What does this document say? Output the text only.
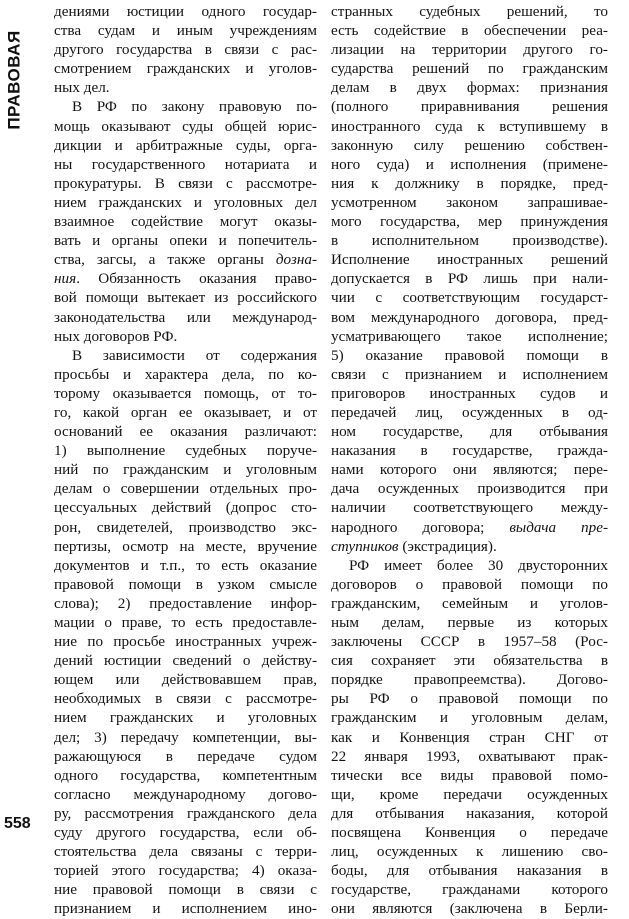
ПРАВОВАЯ
дениями юстиции одного государ-
ства судам и иным учреждениям
другого государства в связи с рас-
смотрением гражданских и уголов-
ных дел.
В РФ по закону правовую по-
мощь оказывают суды общей юрис-
дикции и арбитражные суды, орга-
ны государственного нотариата и
прокуратуры. В связи с рассмотре-
нием гражданских и уголовных дел
взаимное содействие могут оказы-
вать и органы опеки и попечитель-
ства, загсы, а также органы дозна-
ния. Обязанность оказания право-
вой помощи вытекает из российского
законодательства или международ-
ных договоров РФ.
В зависимости от содержания
просьбы и характера дела, по ко-
торому оказывается помощь, от то-
го, какой орган ее оказывает, и от
оснований ее оказания различают:
1) выполнение судебных поруче-
ний по гражданским и уголовным
делам о совершении отдельных про-
цессуальных действий (допрос сто-
рон, свидетелей, производство экс-
пертизы, осмотр на месте, вручение
документов и т.п., то есть оказание
правовой помощи в узком смысле
слова); 2) предоставление инфор-
мации о праве, то есть предоставле-
ние по просьбе иностранных учреж-
дений юстиции сведений о действу-
ющем или действовавшем прав,
необходимых в связи с рассмотре-
нием гражданских и уголовных
дел; 3) передачу компетенции, вы-
ражающуюся в передачe судом
одного государства, компетентным
согласно международному догово-
ру, рассмотрения гражданского дела
суду другого государства, если об-
стоятельства дела связаны с терри-
торией этого государства; 4) оказа-
ние правовой помощи в связи с
признанием и исполнением ино-
странных судебных решений, то
есть содействие в обеспечении реа-
лизации на территории другого го-
сударства решений по гражданским
делам в двух формах: признания
(полного приравнивания решения
иностранного суда к вступившему в
законную силу решению собствен-
ного суда) и исполнения (примене-
ния к должнику в порядке, пред-
усмотренном законом запрашивае-
мого государства, мер принуждения
в исполнительном производстве).
Исполнение иностранных решений
допускается в РФ лишь при нали-
чии с соответствующим государст-
вом международного договора, пред-
усматривающего такое исполнение;
5) оказание правовой помощи в
связи с признанием и исполнением
приговоров иностранных судов и
передачей лиц, осужденных в од-
ном государстве, для отбывания
наказания в государстве, гражда-
нами которого они являются; пере-
дача осужденных производится при
наличии соответствующего между-
народного договора; выдача пре-
ступников (экстрадиция).
РФ имеет более 30 двусторонних
договоров о правовой помощи по
гражданским, семейным и уголов-
ным делам, первые из которых
заключены СССР в 1957–58 (Рос-
сия сохраняет эти обязательства в
порядке правопреемства). Догово-
ры РФ о правовой помощи по
гражданским и уголовным делам,
как и Конвенция стран СНГ от
22 января 1993, охватывают прак-
тически все виды правовой помо-
щи, кроме передачи осужденных
для отбывания наказания, которой
посвящена Конвенция о передаче
лиц, осужденных к лишению сво-
боды, для отбывания наказания в
государстве, гражданами которого
они являются (заключена в Берли-
558
